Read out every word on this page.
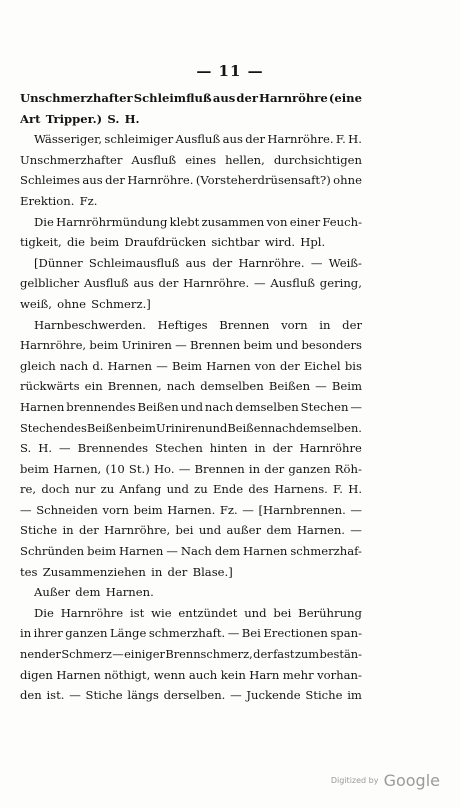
— 11 —
Unschmerzhafter Schleimfluß aus der Harnröhre (eine
Art Tripper.) S. H.
Wässeriger, schleimiger Ausfluß aus der Harnröhre. F. H.
Unschmerzhafter Ausfluß eines hellen, durchsichtigen
Schleimes aus der Harnröhre. (Vorsteherdrüsensaft?) ohne
Erektion. Fz.
Die Harnröhrmündung klebt zusammen von einer Feuch-
tigkeit, die beim Draufdrücken sichtbar wird. Hpl.
[Dünner Schleimausfluß aus der Harnröhre. — Weiß-
gelblicher Ausfluß aus der Harnröhre. — Ausfluß gering,
weiß, ohne Schmerz.]
Harnbeschwerden. Heftiges Brennen vorn in der
Harnröhre, beim Uriniren — Brennen beim und besonders
gleich nach d. Harnen — Beim Harnen von der Eichel bis
rückwärts ein Brennen, nach demselben Beißen — Beim
Harnen brennendes Beißen und nach demselben Stechen —
Stechendes Beißen beim Uriniren und Beißen nach demselben.
S. H. — Brennendes Stechen hinten in der Harnröhre
beim Harnen, (10 St.) Ho. — Brennen in der ganzen Röh-
re, doch nur zu Anfang und zu Ende des Harnens. F. H.
— Schneiden vorn beim Harnen. Fz. — [Harnbrennen. —
Stiche in der Harnröhre, bei und außer dem Harnen. —
Schründen beim Harnen — Nach dem Harnen schmerzhaf-
tes Zusammenziehen in der Blase.]
Außer dem Harnen.
Die Harnröhre ist wie entzündet und bei Berührung
in ihrer ganzen Länge schmerzhaft. — Bei Erectionen span-
nender Schmerz — einiger Brennschmerz, der fast zum bestän-
digen Harnen nöthigt, wenn auch kein Harn mehr vorhan-
den ist. — Stiche längs derselben. — Juckende Stiche im
Digitized by Google
